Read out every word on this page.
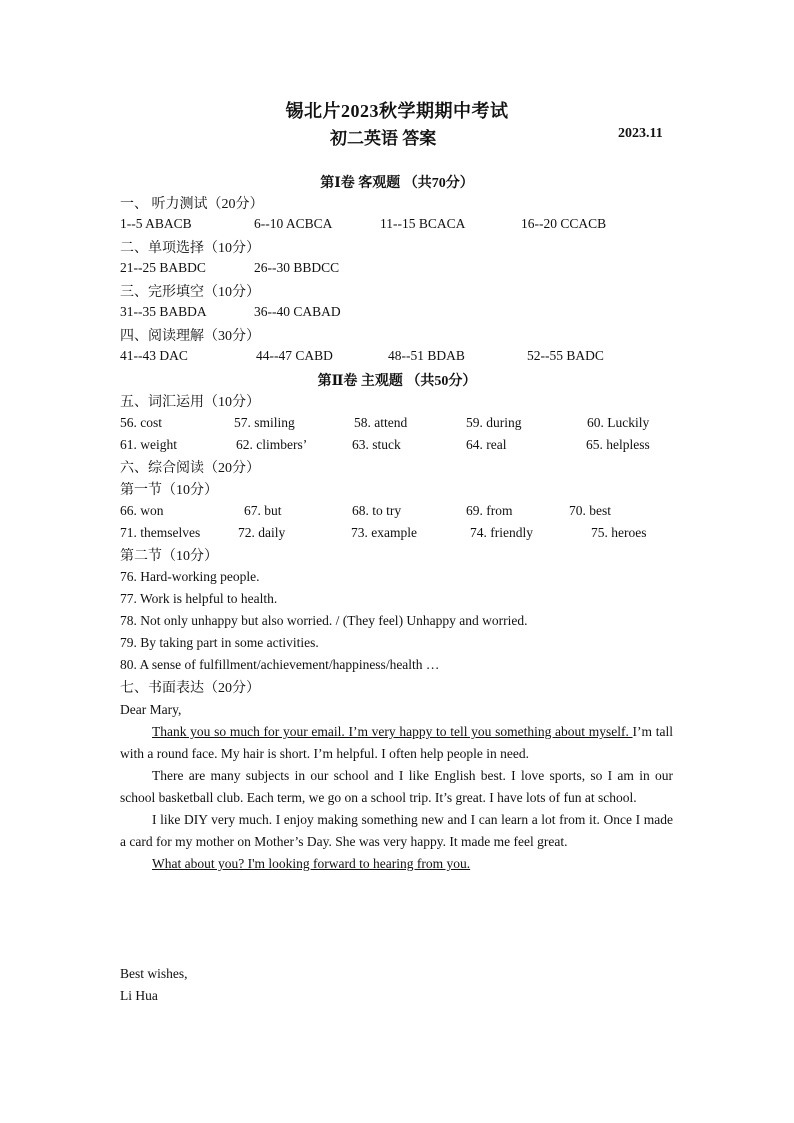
锡北片2023秋学期期中考试
初二英语 答案	2023.11
第Ⅰ卷 客观题 （共70分）
一、 听力测试（20分）
1--5 ABACB	6--10 ACBCA	11--15 BCACA	16--20 CCACB
二、单项选择（10分）
21--25 BABDC	26--30 BBDCC
三、完形填空（10分）
31--35 BABDA	36--40 CABAD
四、阅读理解（30分）
41--43 DAC	44--47 CABD	48--51 BDAB	52--55 BADC
第Ⅱ卷 主观题 （共50分）
五、词汇运用（10分）
56. cost	57. smiling	58. attend	59. during	60. Luckily
61. weight	62. climbers’	63. stuck	64. real	65. helpless
六、综合阅读（20分）
第一节（10分）
66. won	67. but	68. to try	69. from	70. best
71. themselves	72. daily	73. example	74. friendly	75. heroes
第二节（10分）
76. Hard-working people.
77. Work is helpful to health.
78. Not only unhappy but also worried. / (They feel) Unhappy and worried.
79. By taking part in some activities.
80. A sense of fulfillment/achievement/happiness/health …
七、书面表达（20分）

Dear Mary,

Thank you so much for your email. I’m very happy to tell you something about myself. I’m tall with a round face. My hair is short. I’m helpful. I often help people in need.

There are many subjects in our school and I like English best. I love sports, so I am in our school basketball club. Each term, we go on a school trip. It’s great. I have lots of fun at school.

I like DIY very much. I enjoy making something new and I can learn a lot from it. Once I made a card for my mother on Mother’s Day. She was very happy. It made me feel great.

What about you? I'm looking forward to hearing from you.

Best wishes,
Li Hua
